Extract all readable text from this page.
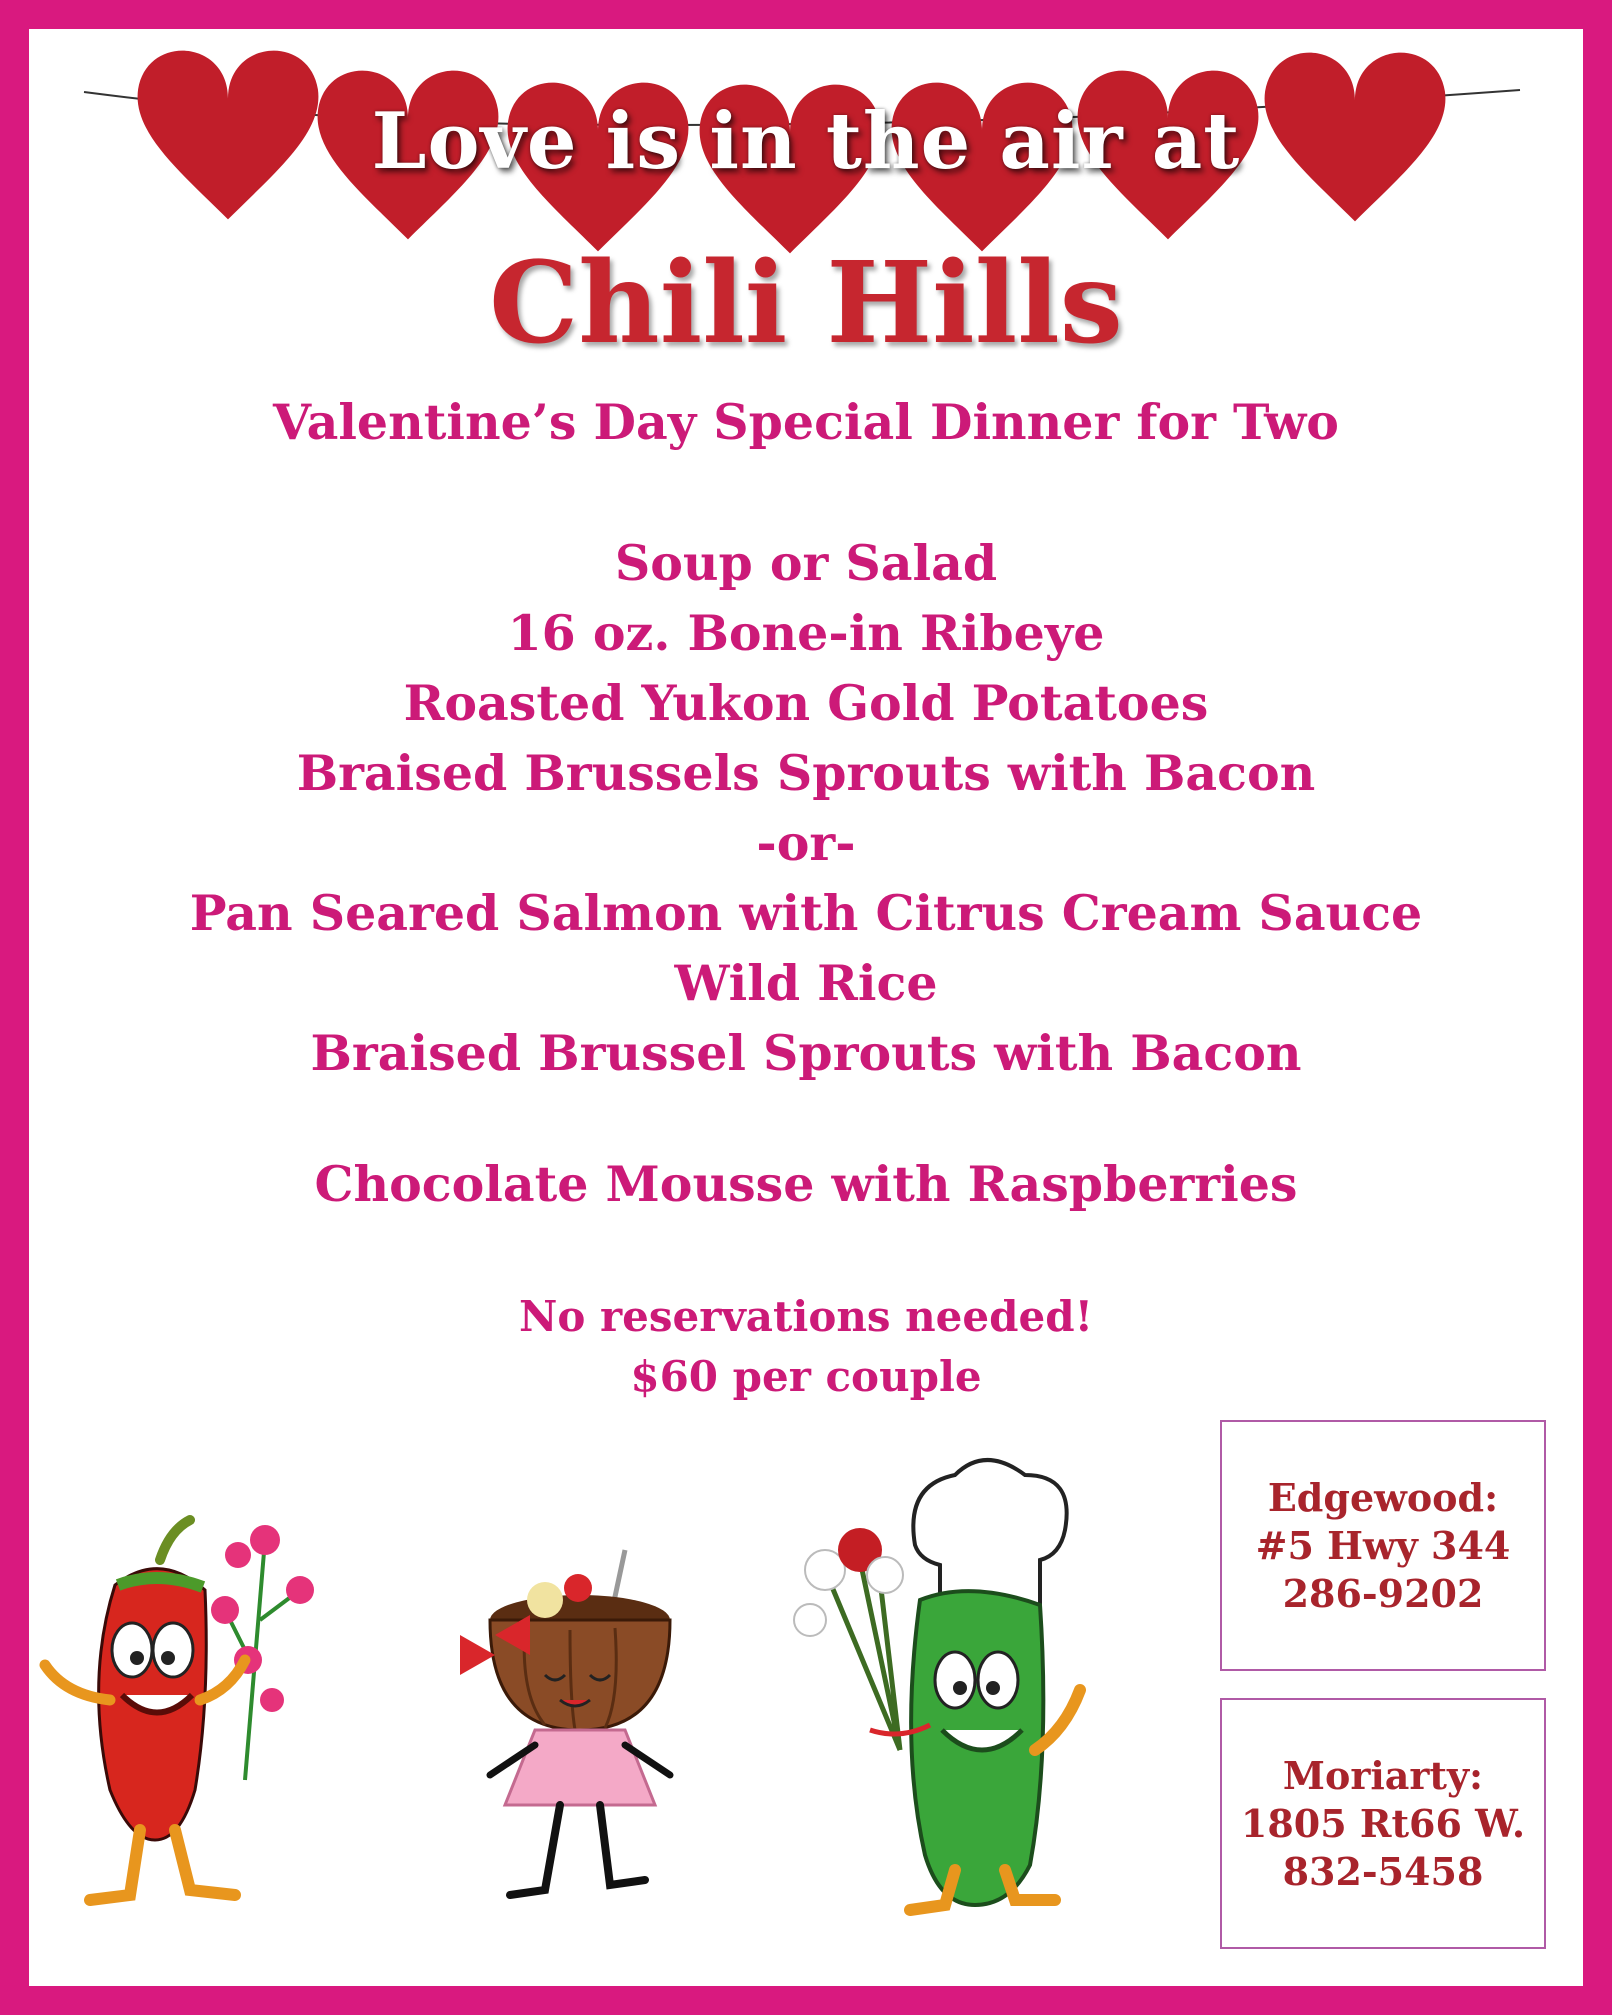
Love is in the air at
Chili Hills
Valentine’s Day Special Dinner for Two
Soup or Salad
16 oz. Bone-in Ribeye
Roasted Yukon Gold Potatoes
Braised Brussels Sprouts with Bacon
-or-
Pan Seared Salmon with Citrus Cream Sauce
Wild Rice
Braised Brussel Sprouts with Bacon
Chocolate Mousse with Raspberries
No reservations needed!
$60 per couple
Edgewood:
#5 Hwy 344
286-9202
Moriarty:
1805 Rt66 W.
832-5458
